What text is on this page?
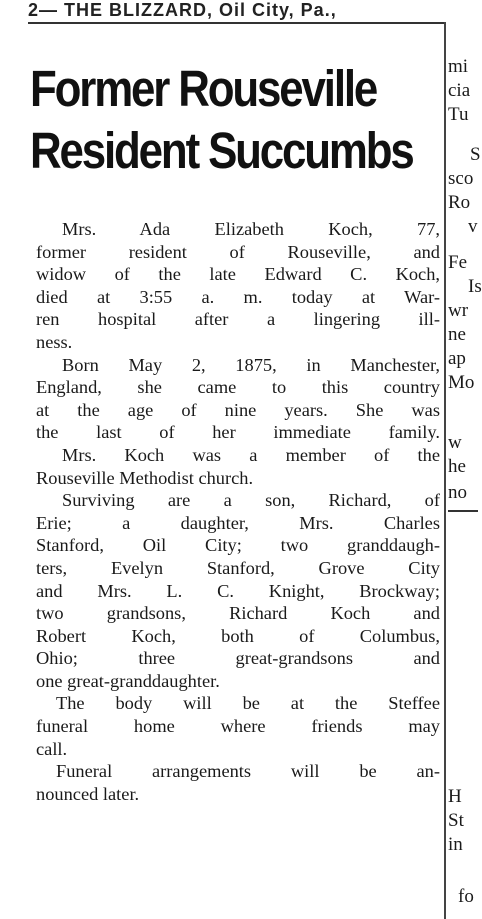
2— THE BLIZZARD, Oil City, Pa.,
Former Rouseville
Resident Succumbs
Mrs. Ada Elizabeth Koch, 77,
former resident of Rouseville, and
widow of the late Edward C. Koch,
died at 3:55 a. m. today at War-
ren hospital after a lingering ill-
ness.
Born May 2, 1875, in Manchester,
England, she came to this country
at the age of nine years. She was
the last of her immediate family.
Mrs. Koch was a member of the
Rouseville Methodist church.
Surviving are a son, Richard, of
Erie; a daughter, Mrs. Charles
Stanford, Oil City; two granddaugh-
ters, Evelyn Stanford, Grove City
and Mrs. L. C. Knight, Brockway;
two grandsons, Richard Koch and
Robert Koch, both of Columbus,
Ohio; three great-grandsons and
one great-granddaughter.
The body will be at the Steffee
funeral home where friends may
call.
Funeral arrangements will be an-
nounced later.
mi
cia
Tu
S
sco
Ro
v
Fe
Is
wr
ne
ap
Mo
w
he
no
H
St
in
fo
